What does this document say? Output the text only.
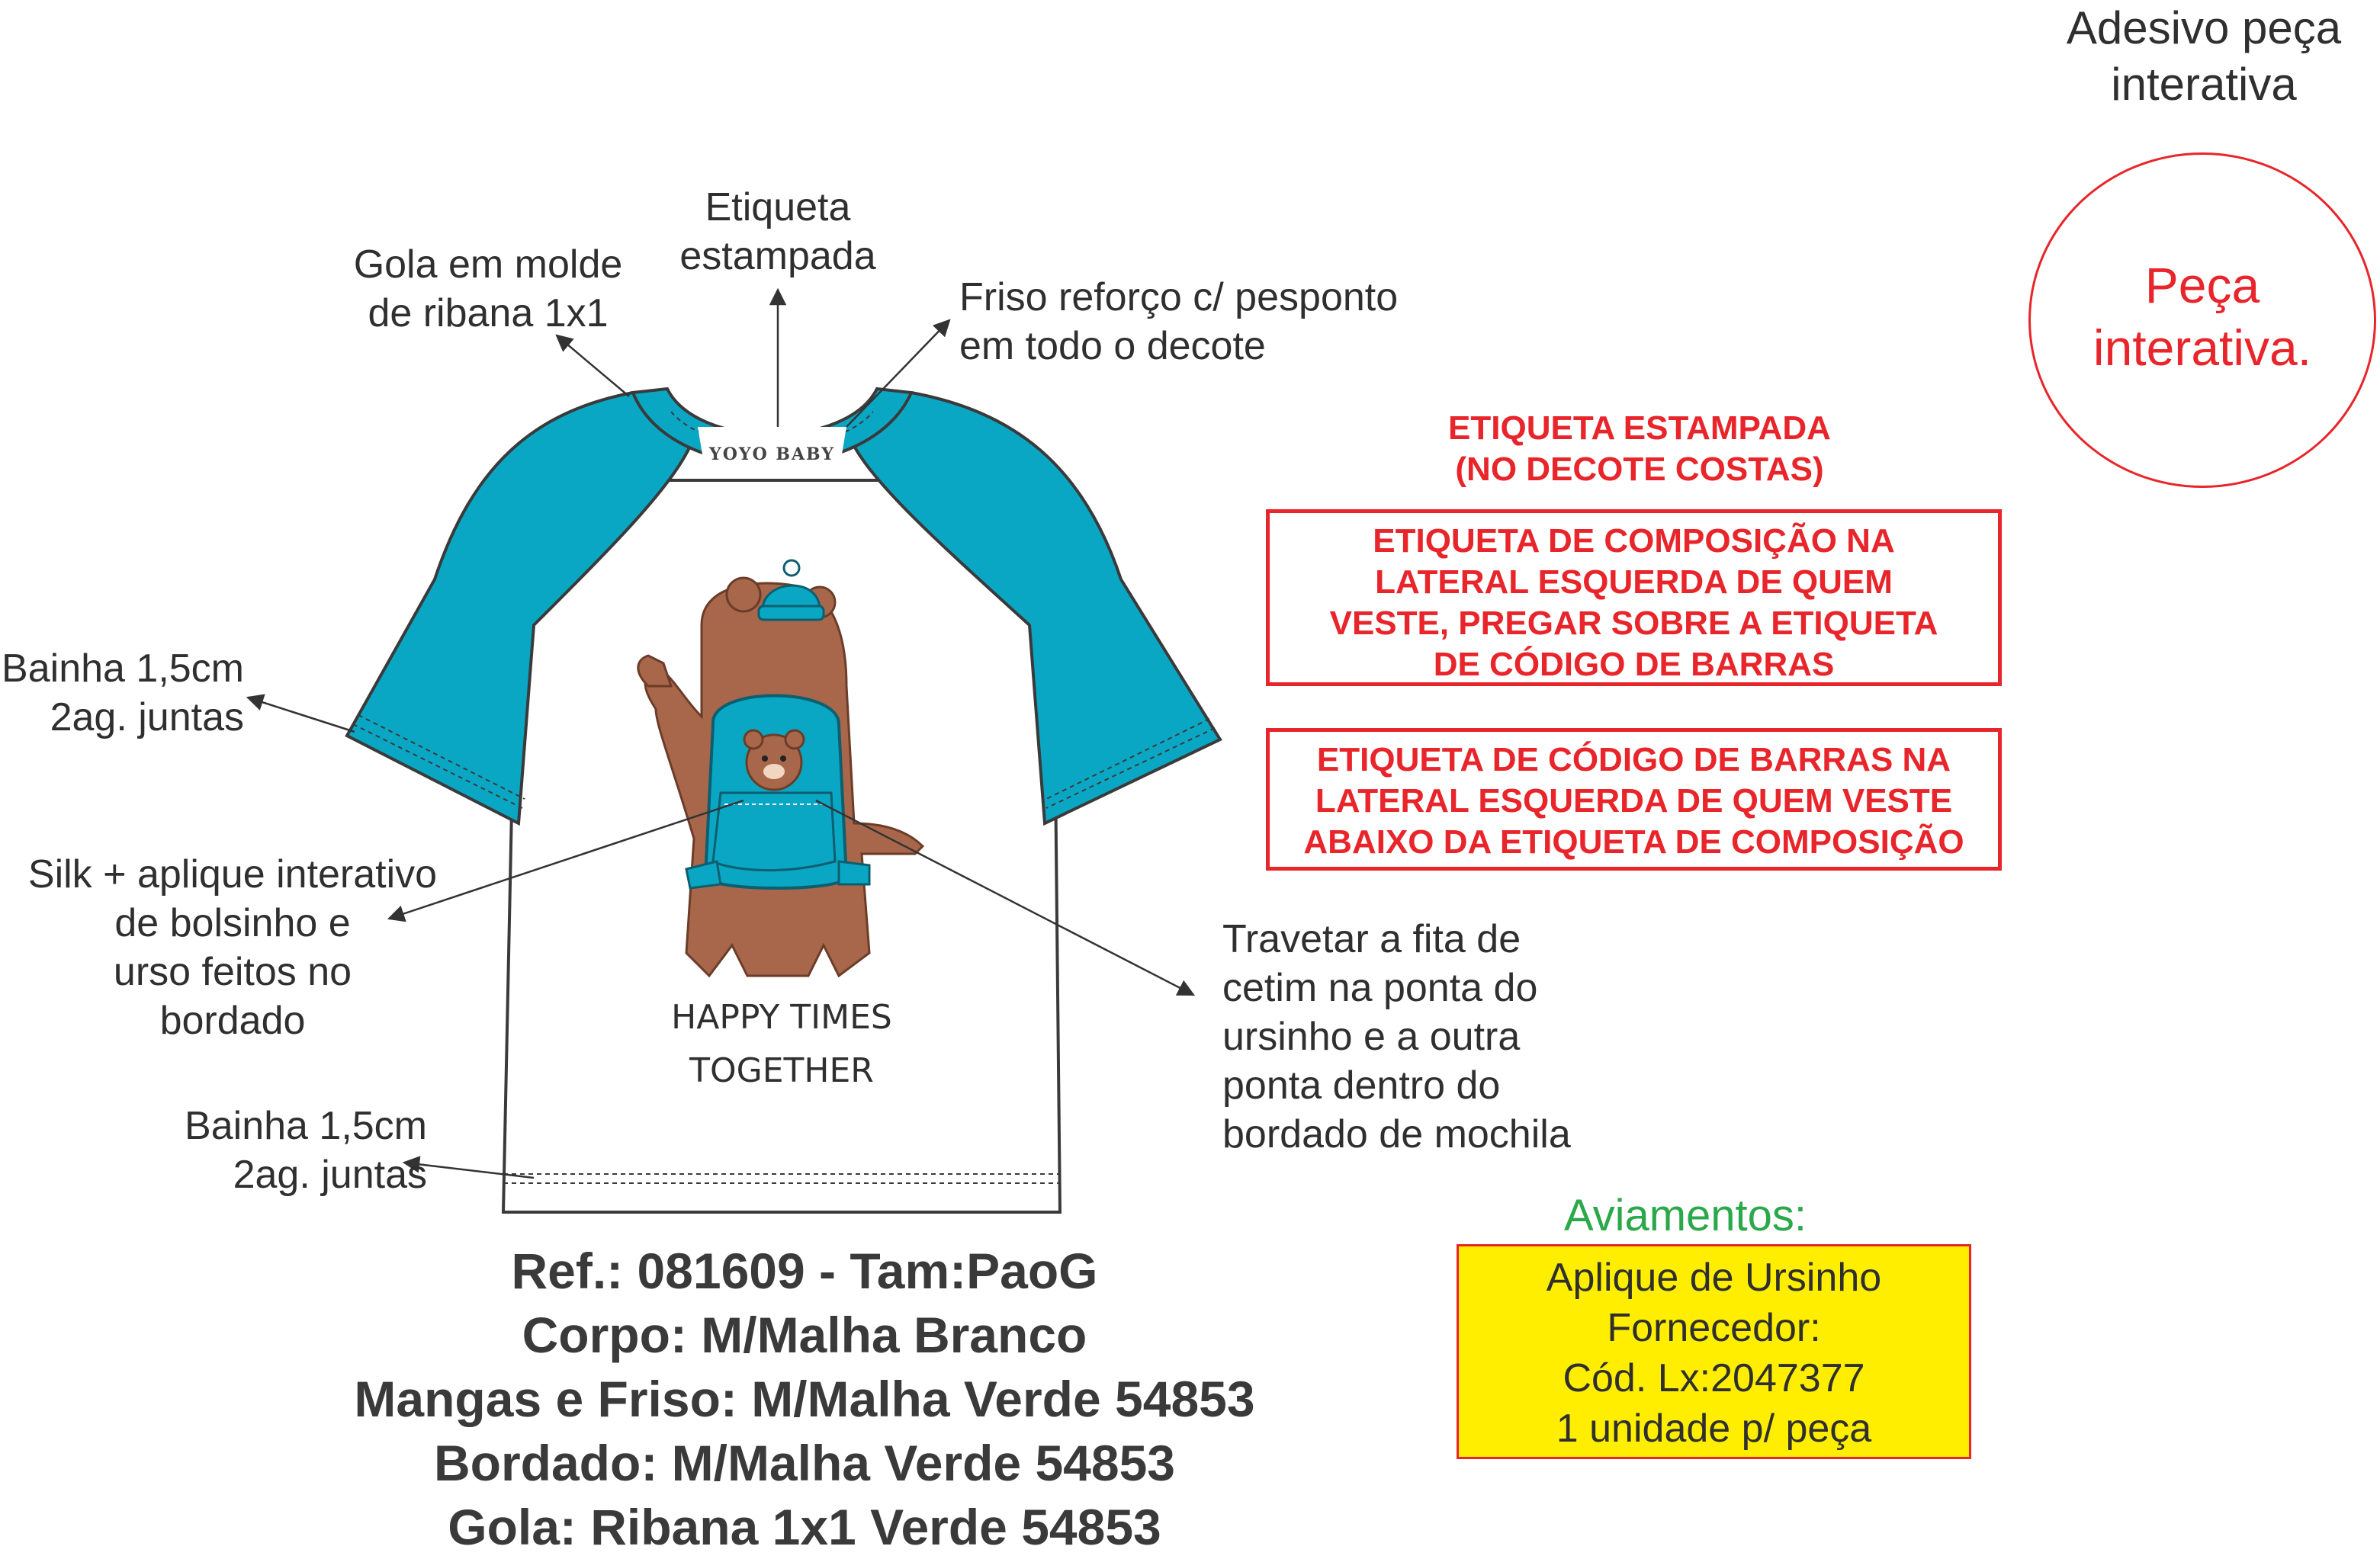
YOYO BABY
HAPPY TIMES
TOGETHER
Gola em molde
de ribana 1x1
Etiqueta
estampada
Friso reforço c/ pesponto
em todo o decote
Bainha 1,5cm
2ag. juntas
Silk + aplique interativo
de bolsinho e
urso feitos no
bordado
Travetar a fita de
cetim na ponta do
ursinho e a outra
ponta dentro do
bordado de mochila
Bainha 1,5cm
2ag. juntas
Adesivo peça
interativa
Peça
interativa.
ETIQUETA ESTAMPADA
(NO DECOTE COSTAS)
ETIQUETA DE COMPOSIÇÃO NA
LATERAL ESQUERDA DE QUEM
VESTE, PREGAR SOBRE A ETIQUETA
DE CÓDIGO DE BARRAS
ETIQUETA DE CÓDIGO DE BARRAS NA
LATERAL ESQUERDA DE QUEM VESTE
ABAIXO DA ETIQUETA DE COMPOSIÇÃO
Aviamentos:
Aplique de Ursinho
Fornecedor:
Cód. Lx:2047377
1 unidade p/ peça
Ref.: 081609 - Tam:PaoG
Corpo: M/Malha Branco
Mangas e Friso: M/Malha Verde 54853
Bordado: M/Malha Verde 54853
Gola: Ribana 1x1 Verde 54853
